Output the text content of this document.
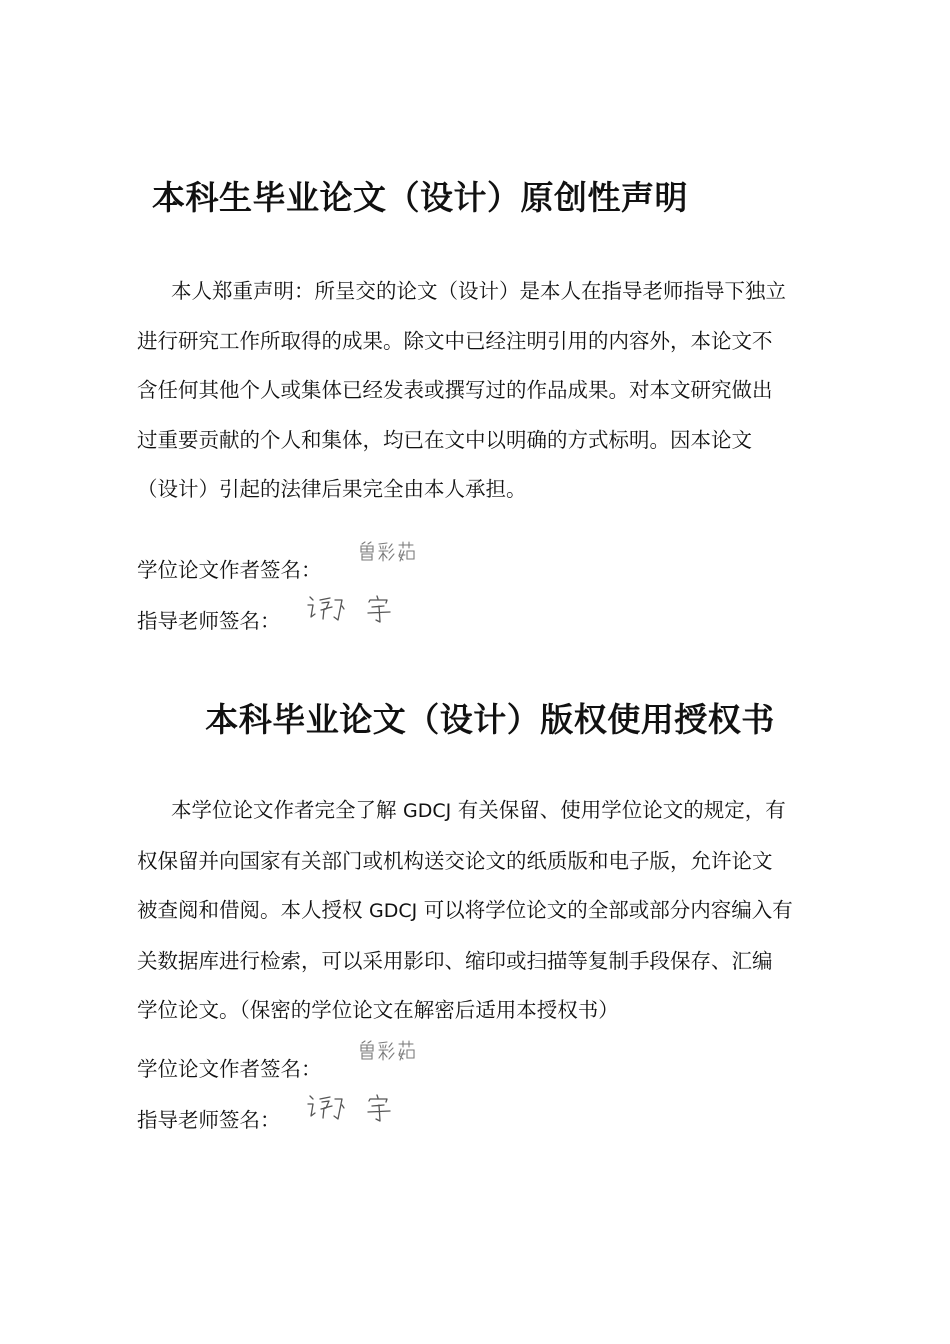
本科生毕业论文（设计）原创性声明
本人郑重声明：所呈交的论文（设计）是本人在指导老师指导下独立
进行研究工作所取得的成果。除文中已经注明引用的内容外，本论文不
含任何其他个人或集体已经发表或撰写过的作品成果。对本文研究做出
过重要贡献的个人和集体，均已在文中以明确的方式标明。因本论文
（设计）引起的法律后果完全由本人承担。
学位论文作者签名：
指导老师签名：
本科毕业论文（设计）版权使用授权书
本学位论文作者完全了解 GDCJ 有关保留、使用学位论文的规定，有
权保留并向国家有关部门或机构送交论文的纸质版和电子版，允许论文
被查阅和借阅。本人授权 GDCJ 可以将学位论文的全部或部分内容编入有
关数据库进行检索，可以采用影印、缩印或扫描等复制手段保存、汇编
学位论文。（保密的学位论文在解密后适用本授权书）
学位论文作者签名：
指导老师签名：
